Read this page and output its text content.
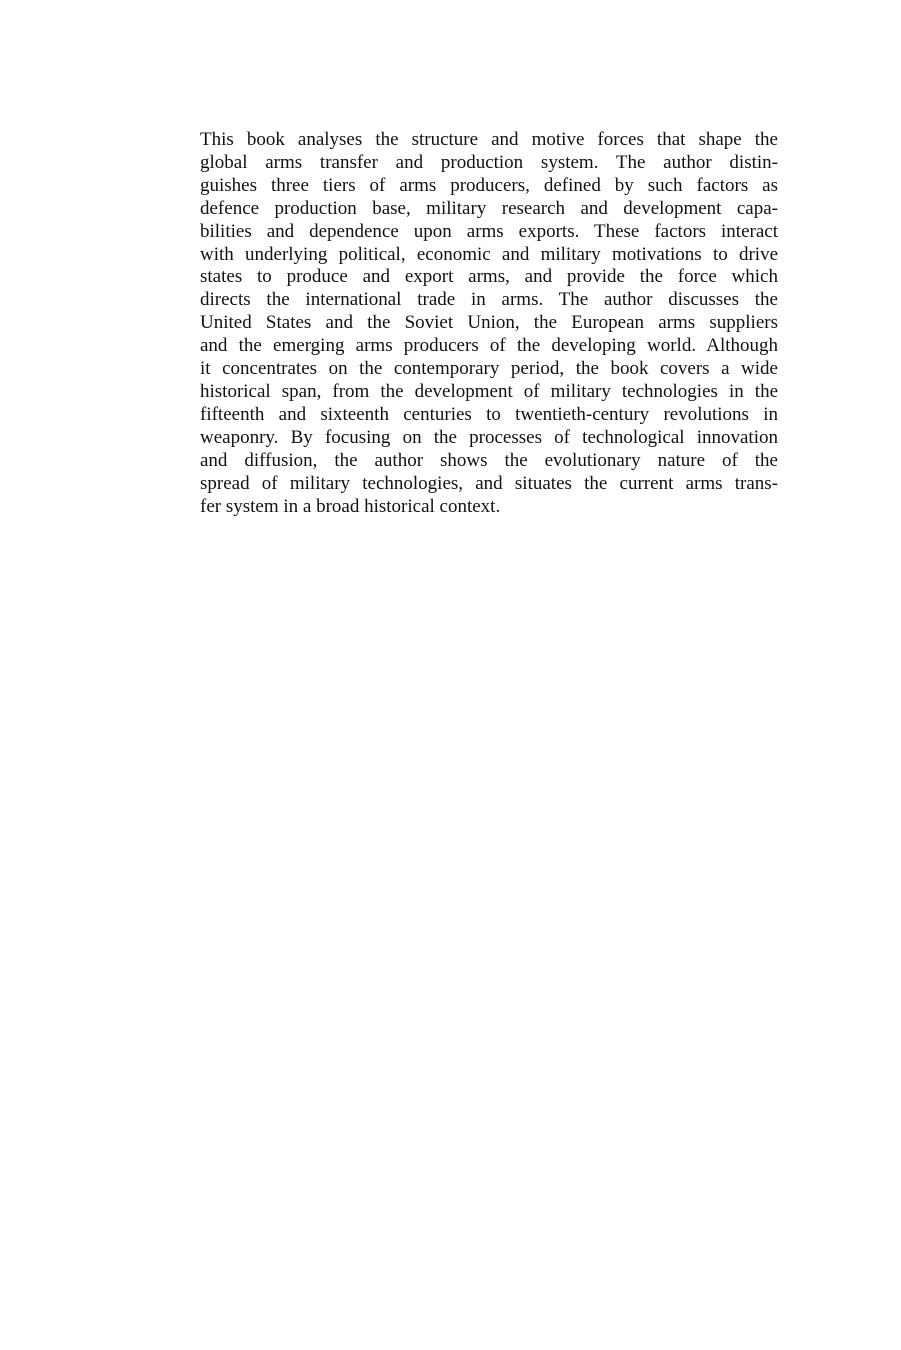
This book analyses the structure and motive forces that shape the
global arms transfer and production system. The author distin-
guishes three tiers of arms producers, defined by such factors as
defence production base, military research and development capa-
bilities and dependence upon arms exports. These factors interact
with underlying political, economic and military motivations to drive
states to produce and export arms, and provide the force which
directs the international trade in arms. The author discusses the
United States and the Soviet Union, the European arms suppliers
and the emerging arms producers of the developing world. Although
it concentrates on the contemporary period, the book covers a wide
historical span, from the development of military technologies in the
fifteenth and sixteenth centuries to twentieth-century revolutions in
weaponry. By focusing on the processes of technological innovation
and diffusion, the author shows the evolutionary nature of the
spread of military technologies, and situates the current arms trans-
fer system in a broad historical context.
